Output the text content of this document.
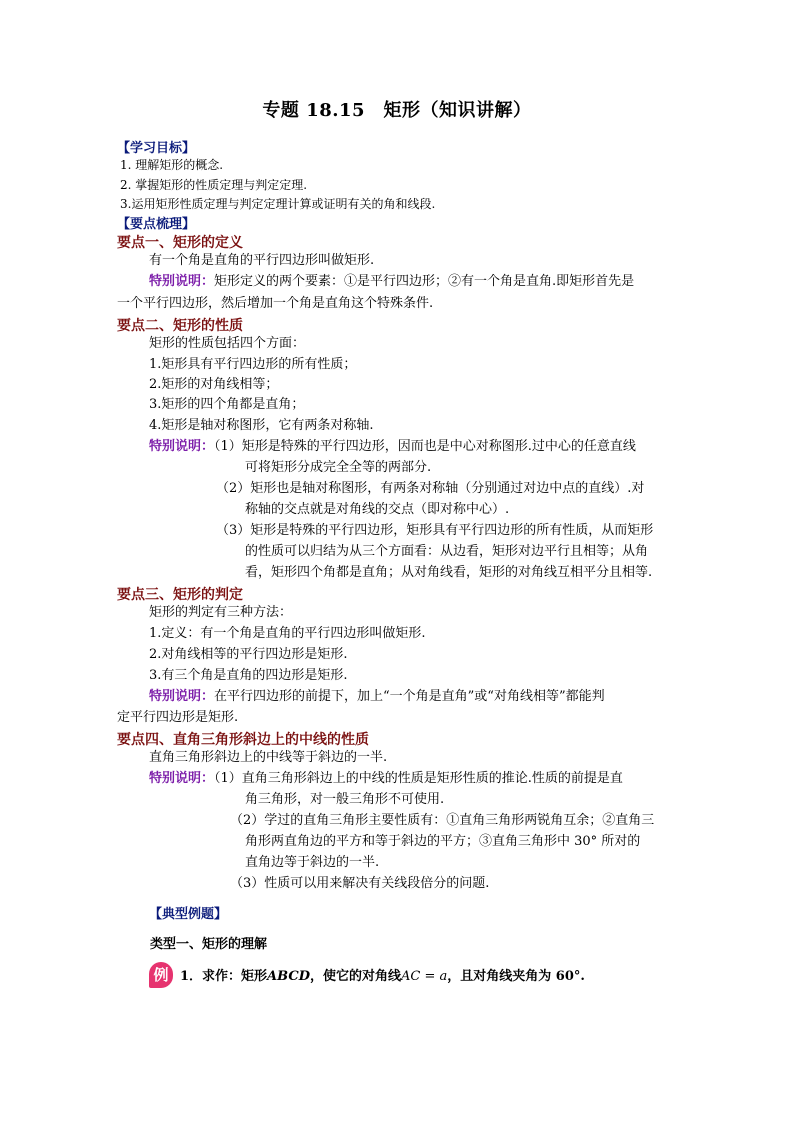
专题 18.15　矩形（知识讲解）
【学习目标】
1. 理解矩形的概念.
2. 掌握矩形的性质定理与判定定理.
3.运用矩形性质定理与判定定理计算或证明有关的角和线段.
【要点梳理】
要点一、矩形的定义
有一个角是直角的平行四边形叫做矩形.
特别说明：矩形定义的两个要素：①是平行四边形；②有一个角是直角.即矩形首先是
一个平行四边形，然后增加一个角是直角这个特殊条件.
要点二、矩形的性质
矩形的性质包括四个方面：
1.矩形具有平行四边形的所有性质；
2.矩形的对角线相等；
3.矩形的四个角都是直角；
4.矩形是轴对称图形，它有两条对称轴.
特别说明：（1）矩形是特殊的平行四边形，因而也是中心对称图形.过中心的任意直线
可将矩形分成完全全等的两部分.
（2）矩形也是轴对称图形，有两条对称轴（分别通过对边中点的直线）.对
称轴的交点就是对角线的交点（即对称中心）.
（3）矩形是特殊的平行四边形，矩形具有平行四边形的所有性质，从而矩形
的性质可以归结为从三个方面看：从边看，矩形对边平行且相等；从角
看，矩形四个角都是直角；从对角线看，矩形的对角线互相平分且相等.
要点三、矩形的判定
矩形的判定有三种方法：
1.定义：有一个角是直角的平行四边形叫做矩形.
2.对角线相等的平行四边形是矩形.
3.有三个角是直角的四边形是矩形.
特别说明：在平行四边形的前提下，加上“一个角是直角”或“对角线相等”都能判
定平行四边形是矩形.
要点四、直角三角形斜边上的中线的性质
直角三角形斜边上的中线等于斜边的一半.
特别说明：（1）直角三角形斜边上的中线的性质是矩形性质的推论.性质的前提是直
角三角形，对一般三角形不可使用.
（2）学过的直角三角形主要性质有：①直角三角形两锐角互余；②直角三
角形两直角边的平方和等于斜边的平方；③直角三角形中 30° 所对的
直角边等于斜边的一半.
（3）性质可以用来解决有关线段倍分的问题.
【典型例题】
类型一、矩形的理解
例 1．求作：矩形ABCD，使它的对角线AC = a，且对角线夹角为 60°.
